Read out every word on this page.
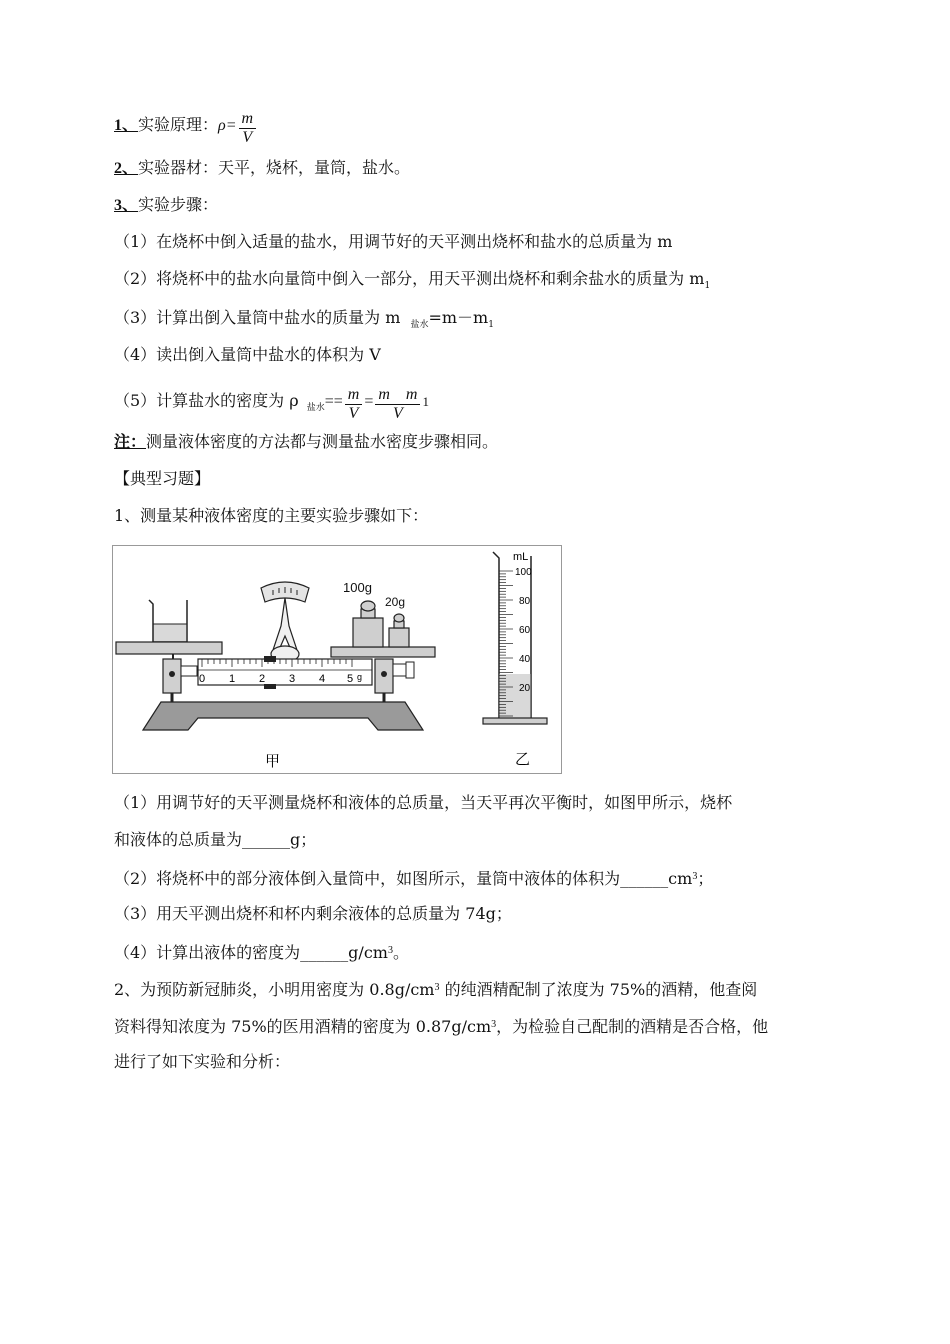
1、实验原理：$\rho= \frac{m}{V}$
2、实验器材：天平，烧杯，量筒，盐水。
3、实验步骤：
（1）在烧杯中倒入适量的盐水，用调节好的天平测出烧杯和盐水的总质量为 m
（2）将烧杯中的盐水向量筒中倒入一部分，用天平测出烧杯和剩余盐水的质量为 $m_1$
（3）计算出倒入量筒中盐水的质量为 m $_{盐水}=m-m_1$
（4）读出倒入量筒中盐水的体积为 V
（5）计算盐水的密度为 ρ $_{盐水}== \frac{m}{V} = \frac{\text{m　m}}{V} 1$
注：测量液体密度的方法都与测量盐水密度步骤相同。
【典型习题】
1、测量某种液体密度的主要实验步骤如下：
100g
20g
0 1 2 3 4 5 g
甲
mL
100
80
60
40
20
乙
（1）用调节好的天平测量烧杯和液体的总质量，当天平再次平衡时，如图甲所示，烧杯
和液体的总质量为______g；
（2）将烧杯中的部分液体倒入量筒中，如图所示，量筒中液体的体积为$\_\_\_\_\_\_cm^3$；
（3）用天平测出烧杯和杯内剩余液体的总质量为 74g；
（4）计算出液体的密度为$\_\_\_\_\_\_g/cm^3$。
2、为预防新冠肺炎，小明用密度为 $0.8g/cm^3$ 的纯酒精配制了浓度为 75%的酒精，他查阅
资料得知浓度为 75%的医用酒精的密度为 $0.87g/cm^3$，为检验自己配制的酒精是否合格，他
进行了如下实验和分析：
